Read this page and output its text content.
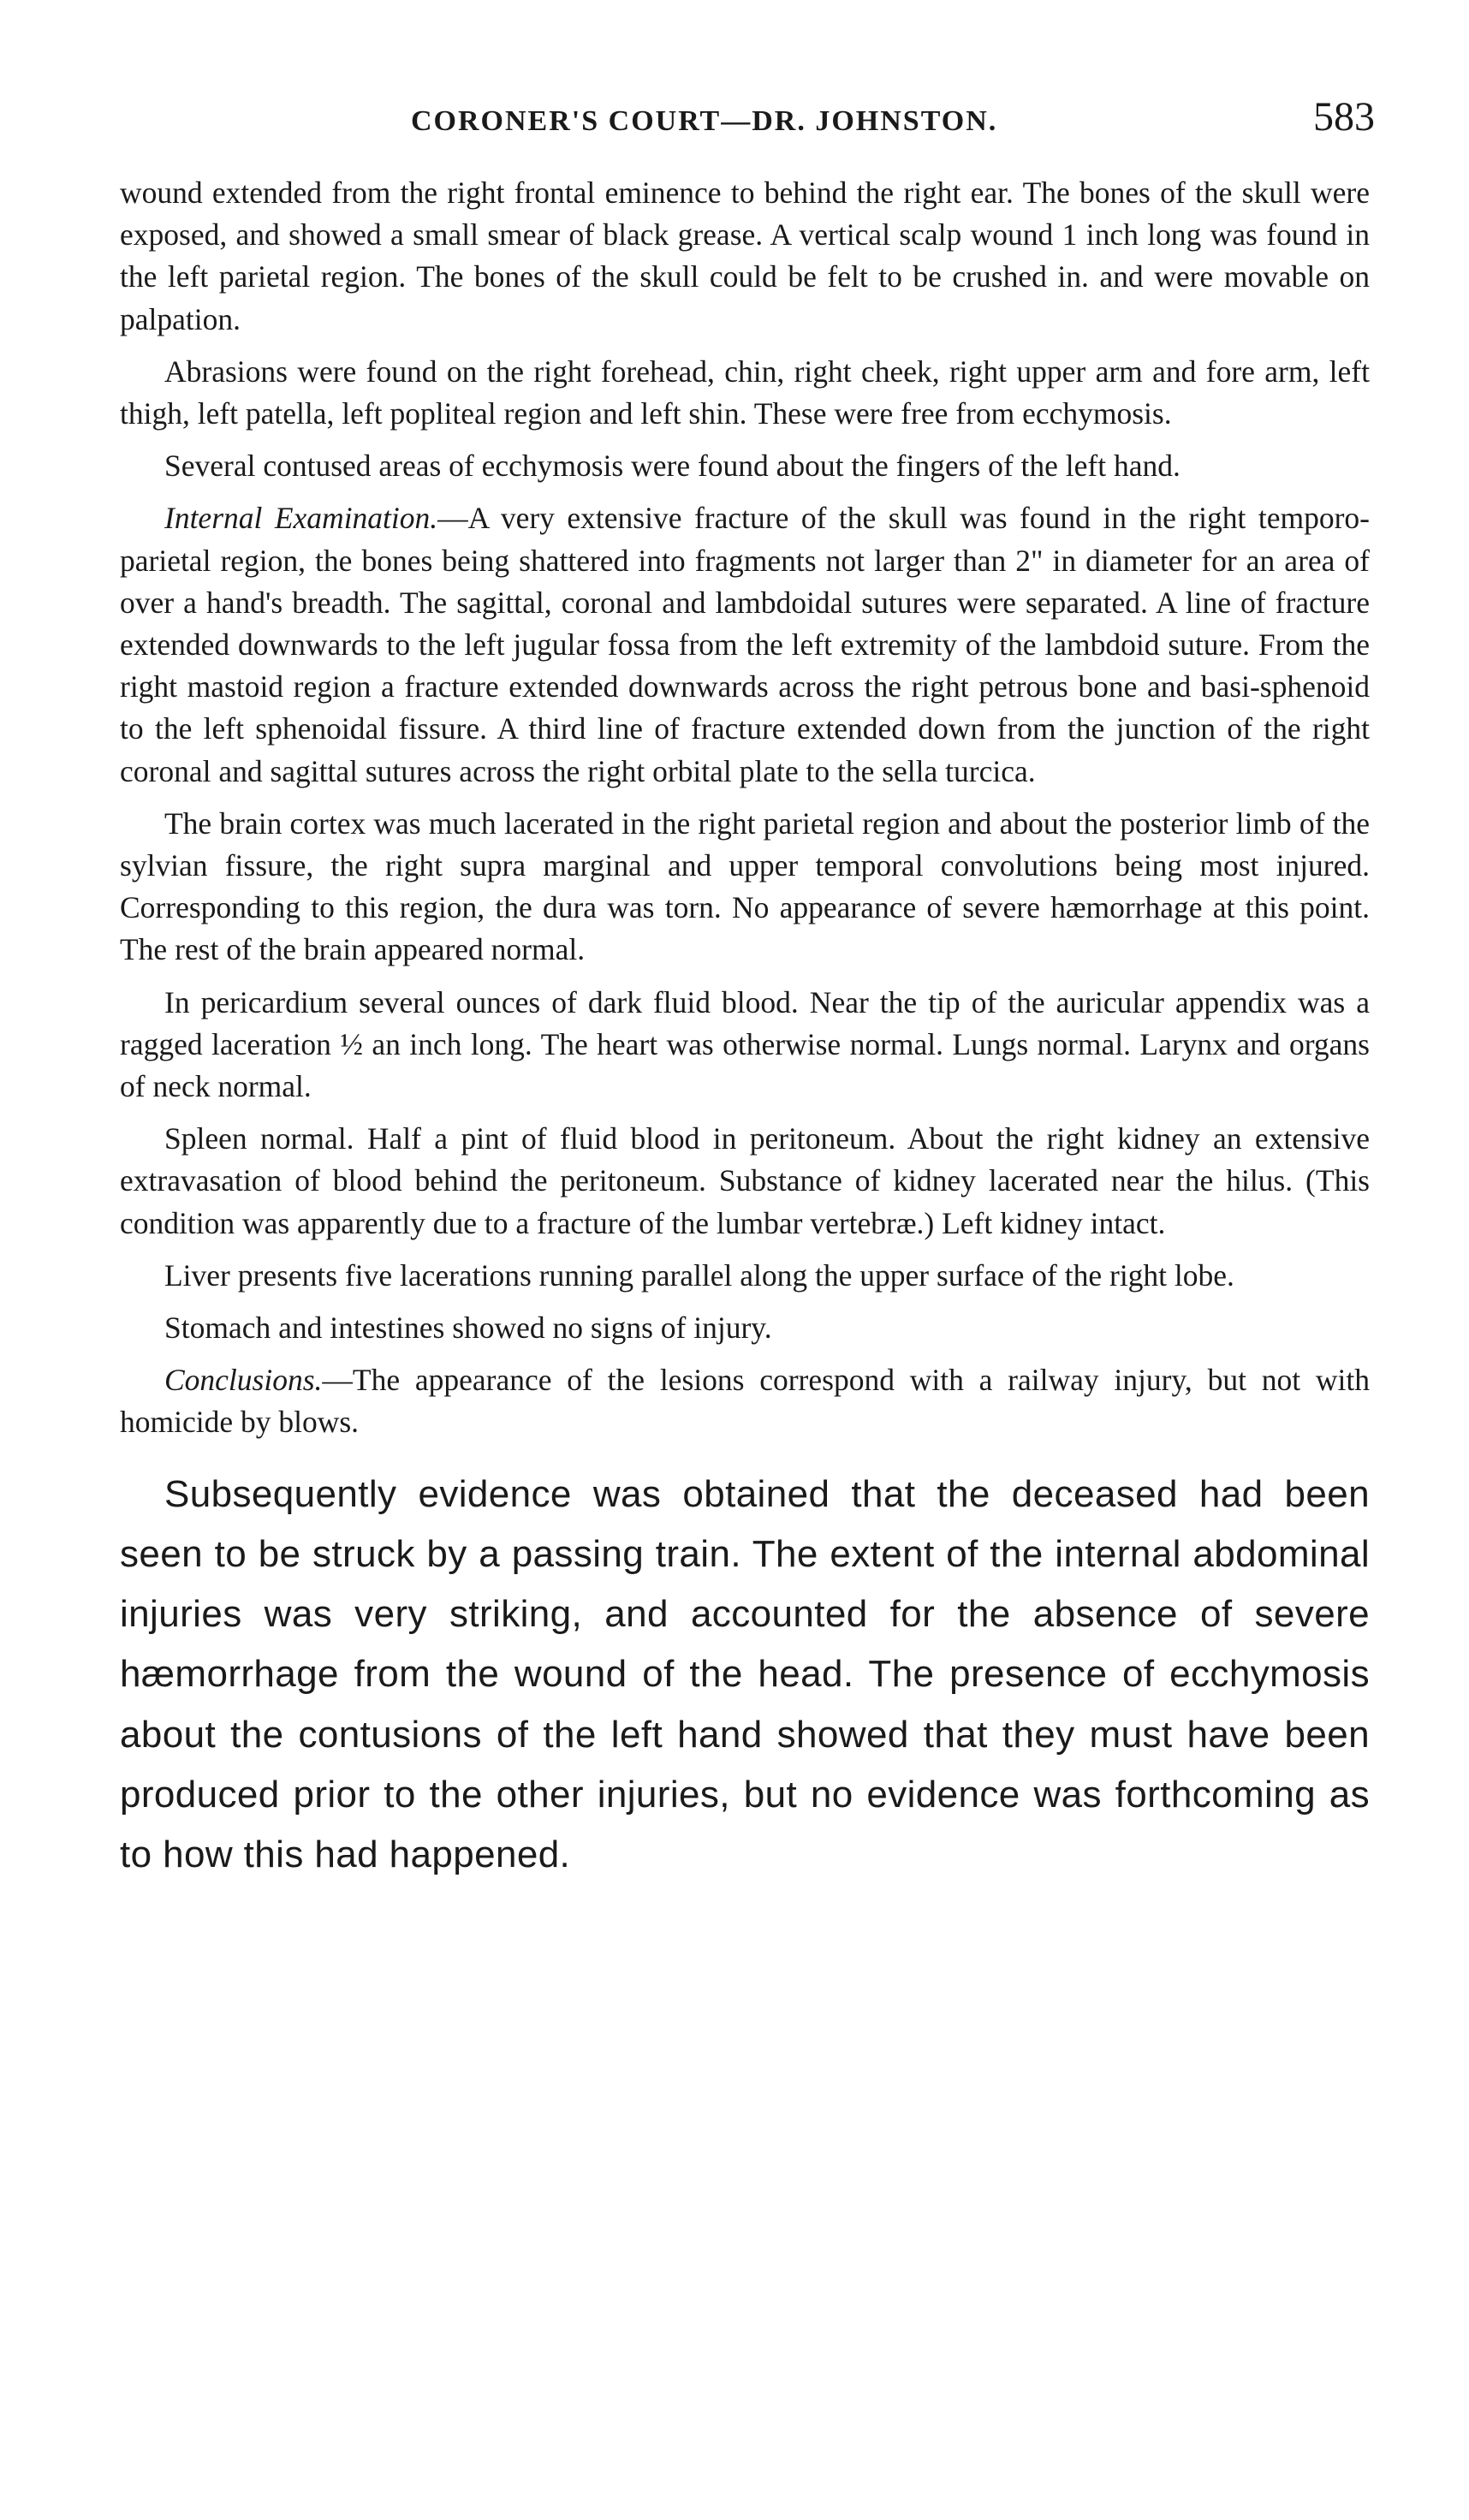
CORONER'S COURT—DR. JOHNSTON.	583

wound extended from the right frontal eminence to behind the right ear. The bones of the skull were exposed, and showed a small smear of black grease. A vertical scalp wound 1 inch long was found in the left parietal region. The bones of the skull could be felt to be crushed in. and were movable on palpation.

Abrasions were found on the right forehead, chin, right cheek, right upper arm and fore arm, left thigh, left patella, left popliteal region and left shin. These were free from ecchymosis.

Several contused areas of ecchymosis were found about the fingers of the left hand.

Internal Examination.—A very extensive fracture of the skull was found in the right temporo-parietal region, the bones being shattered into fragments not larger than 2" in diameter for an area of over a hand's breadth. The sagittal, coronal and lambdoidal sutures were separated. A line of fracture extended downwards to the left jugular fossa from the left extremity of the lambdoid suture. From the right mastoid region a fracture extended downwards across the right petrous bone and basi-sphenoid to the left sphenoidal fissure. A third line of fracture extended down from the junction of the right coronal and sagittal sutures across the right orbital plate to the sella turcica.

The brain cortex was much lacerated in the right parietal region and about the posterior limb of the sylvian fissure, the right supra marginal and upper temporal convolutions being most injured. Corresponding to this region, the dura was torn. No appearance of severe hæmorrhage at this point. The rest of the brain appeared normal.

In pericardium several ounces of dark fluid blood. Near the tip of the auricular appendix was a ragged laceration ½ an inch long. The heart was otherwise normal. Lungs normal. Larynx and organs of neck normal.

Spleen normal. Half a pint of fluid blood in peritoneum. About the right kidney an extensive extravasation of blood behind the peritoneum. Substance of kidney lacerated near the hilus. (This condition was apparently due to a fracture of the lumbar vertebræ.) Left kidney intact.

Liver presents five lacerations running parallel along the upper surface of the right lobe.

Stomach and intestines showed no signs of injury.

Conclusions.—The appearance of the lesions correspond with a railway injury, but not with homicide by blows.

Subsequently evidence was obtained that the deceased had been seen to be struck by a passing train. The extent of the internal abdominal injuries was very striking, and accounted for the absence of severe hæmorrhage from the wound of the head. The presence of ecchymosis about the contusions of the left hand showed that they must have been produced prior to the other injuries, but no evidence was forthcoming as to how this had happened.
